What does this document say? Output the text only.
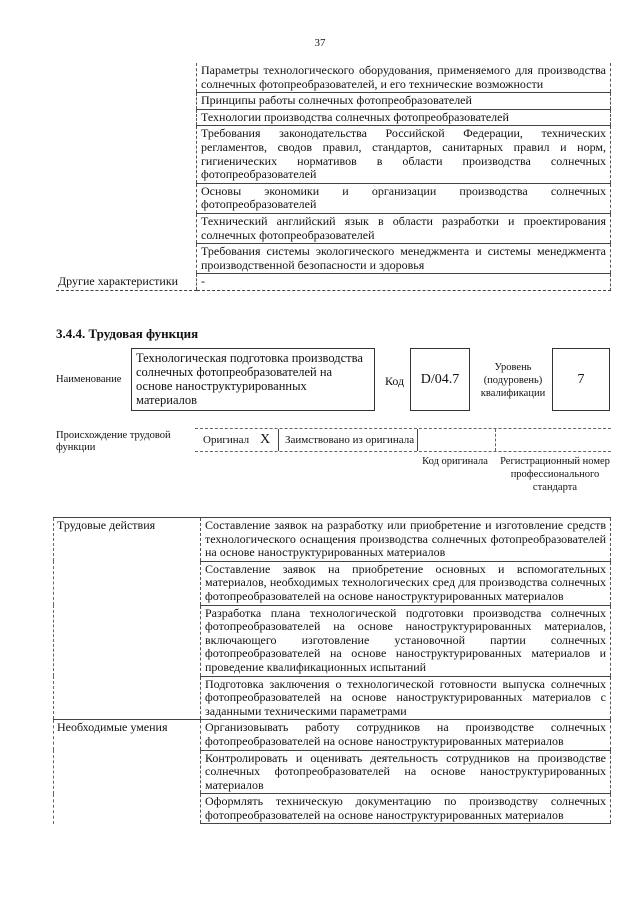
37
	Параметры технологического оборудования, применяемого для производства солнечных фотопреобразователей, и его технические возможности
	Принципы работы солнечных фотопреобразователей
	Технологии производства солнечных фотопреобразователей
	Требования законодательства Российской Федерации, технических регламентов, сводов правил, стандартов, санитарных правил и норм, гигиенических нормативов в области производства солнечных фотопреобразователей
	Основы экономики и организации производства солнечных фотопреобразователей
	Технический английский язык в области разработки и проектирования солнечных фотопреобразователей
	Требования системы экологического менеджмента и системы менеджмента производственной безопасности и здоровья
Другие характеристики	-
3.4.4. Трудовая функция
Наименование
Технологическая подготовка производства солнечных фотопреобразователей на основе наноструктурированных материалов
Код	D/04.7
Уровень (подуровень) квалификации
7
Происхождение трудовой функции
Оригинал X Заимствовано из оригинала
Код оригинала Регистрационный номер профессионального стандарта
Трудовые действия	Составление заявок на разработку или приобретение и изготовление средств технологического оснащения производства солнечных фотопреобразователей на основе наноструктурированных материалов
	Составление заявок на приобретение основных и вспомогательных материалов, необходимых технологических сред для производства солнечных фотопреобразователей на основе наноструктурированных материалов
	Разработка плана технологической подготовки производства солнечных фотопреобразователей на основе наноструктурированных материалов, включающего изготовление установочной партии солнечных фотопреобразователей на основе наноструктурированных материалов и проведение квалификационных испытаний
	Подготовка заключения о технологической готовности выпуска солнечных фотопреобразователей на основе наноструктурированных материалов с заданными техническими параметрами
Необходимые умения	Организовывать работу сотрудников на производстве солнечных фотопреобразователей на основе наноструктурированных материалов
	Контролировать и оценивать деятельность сотрудников на производстве солнечных фотопреобразователей на основе наноструктурированных материалов
	Оформлять техническую документацию по производству солнечных фотопреобразователей на основе наноструктурированных материалов
